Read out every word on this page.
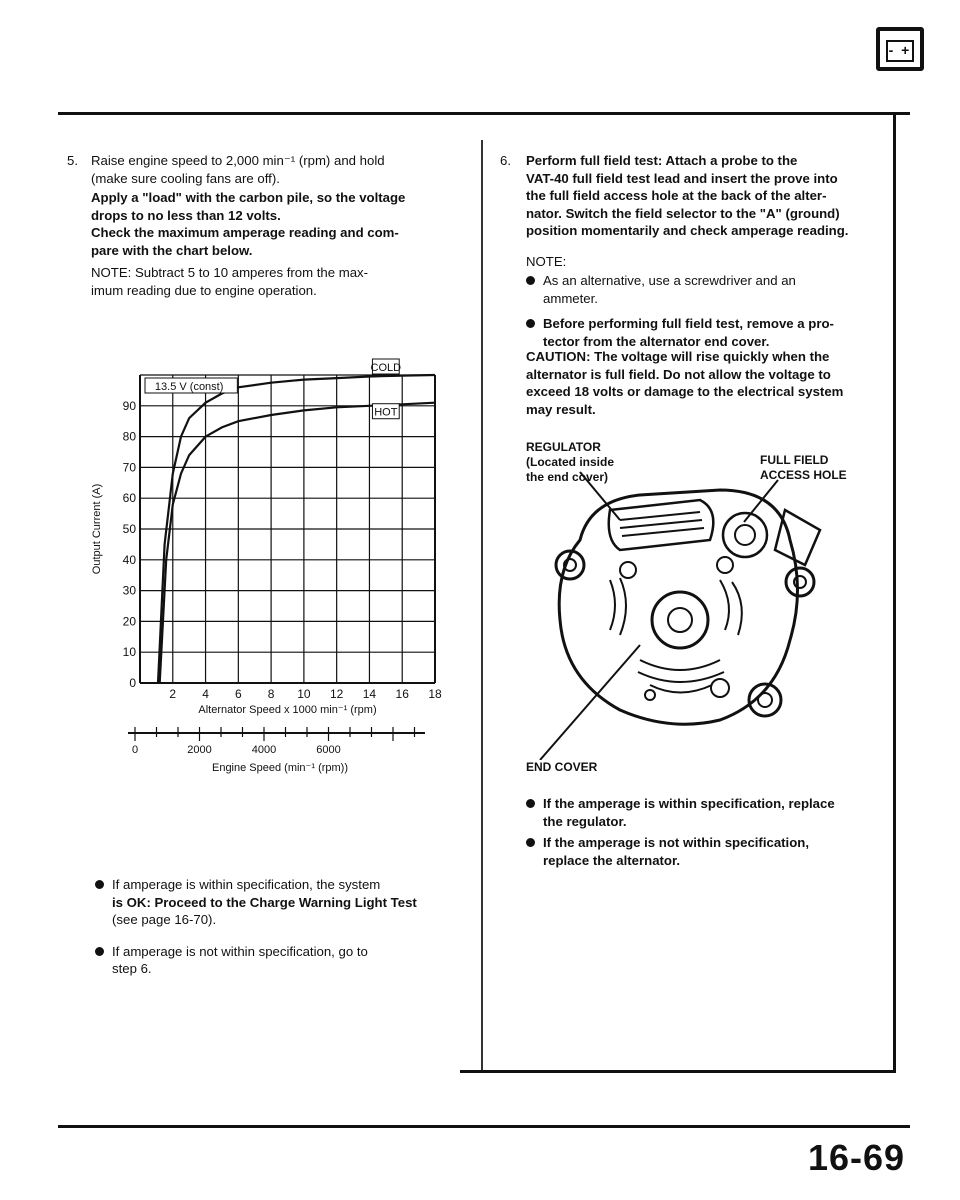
- +
5. Raise engine speed to 2,000 min⁻¹ (rpm) and hold
(make sure cooling fans are off).
Apply a "load" with the carbon pile, so the voltage
drops to no less than 12 volts.
Check the maximum amperage reading and com-
pare with the chart below.
NOTE: Subtract 5 to 10 amperes from the max-
imum reading due to engine operation.
0
10
20
30
40
50
60
70
80
90
2 4 6 8 10 12 14 16 18
Alternator Speed x 1000 min⁻¹ (rpm)
Output Current (A)
COLD
HOT
13.5 V (const)
0	2000	4000	6000
Engine Speed (min⁻¹ (rpm))
If amperage is within specification, the system
is OK: Proceed to the Charge Warning Light Test
(see page 16-70).
If amperage is not within specification, go to
step 6.
6. Perform full field test: Attach a probe to the
VAT-40 full field test lead and insert the prove into
the full field access hole at the back of the alter-
nator. Switch the field selector to the "A" (ground)
position momentarily and check amperage reading.
NOTE:
As an alternative, use a screwdriver and an
ammeter.
Before performing full field test, remove a pro-
tector from the alternator end cover.
CAUTION: The voltage will rise quickly when the
alternator is full field. Do not allow the voltage to
exceed 18 volts or damage to the electrical system
may result.
REGULATOR
(Located inside
the end cover)
FULL FIELD
ACCESS HOLE
END COVER
If the amperage is within specification, replace
the regulator.
If the amperage is not within specification,
replace the alternator.
16-69
